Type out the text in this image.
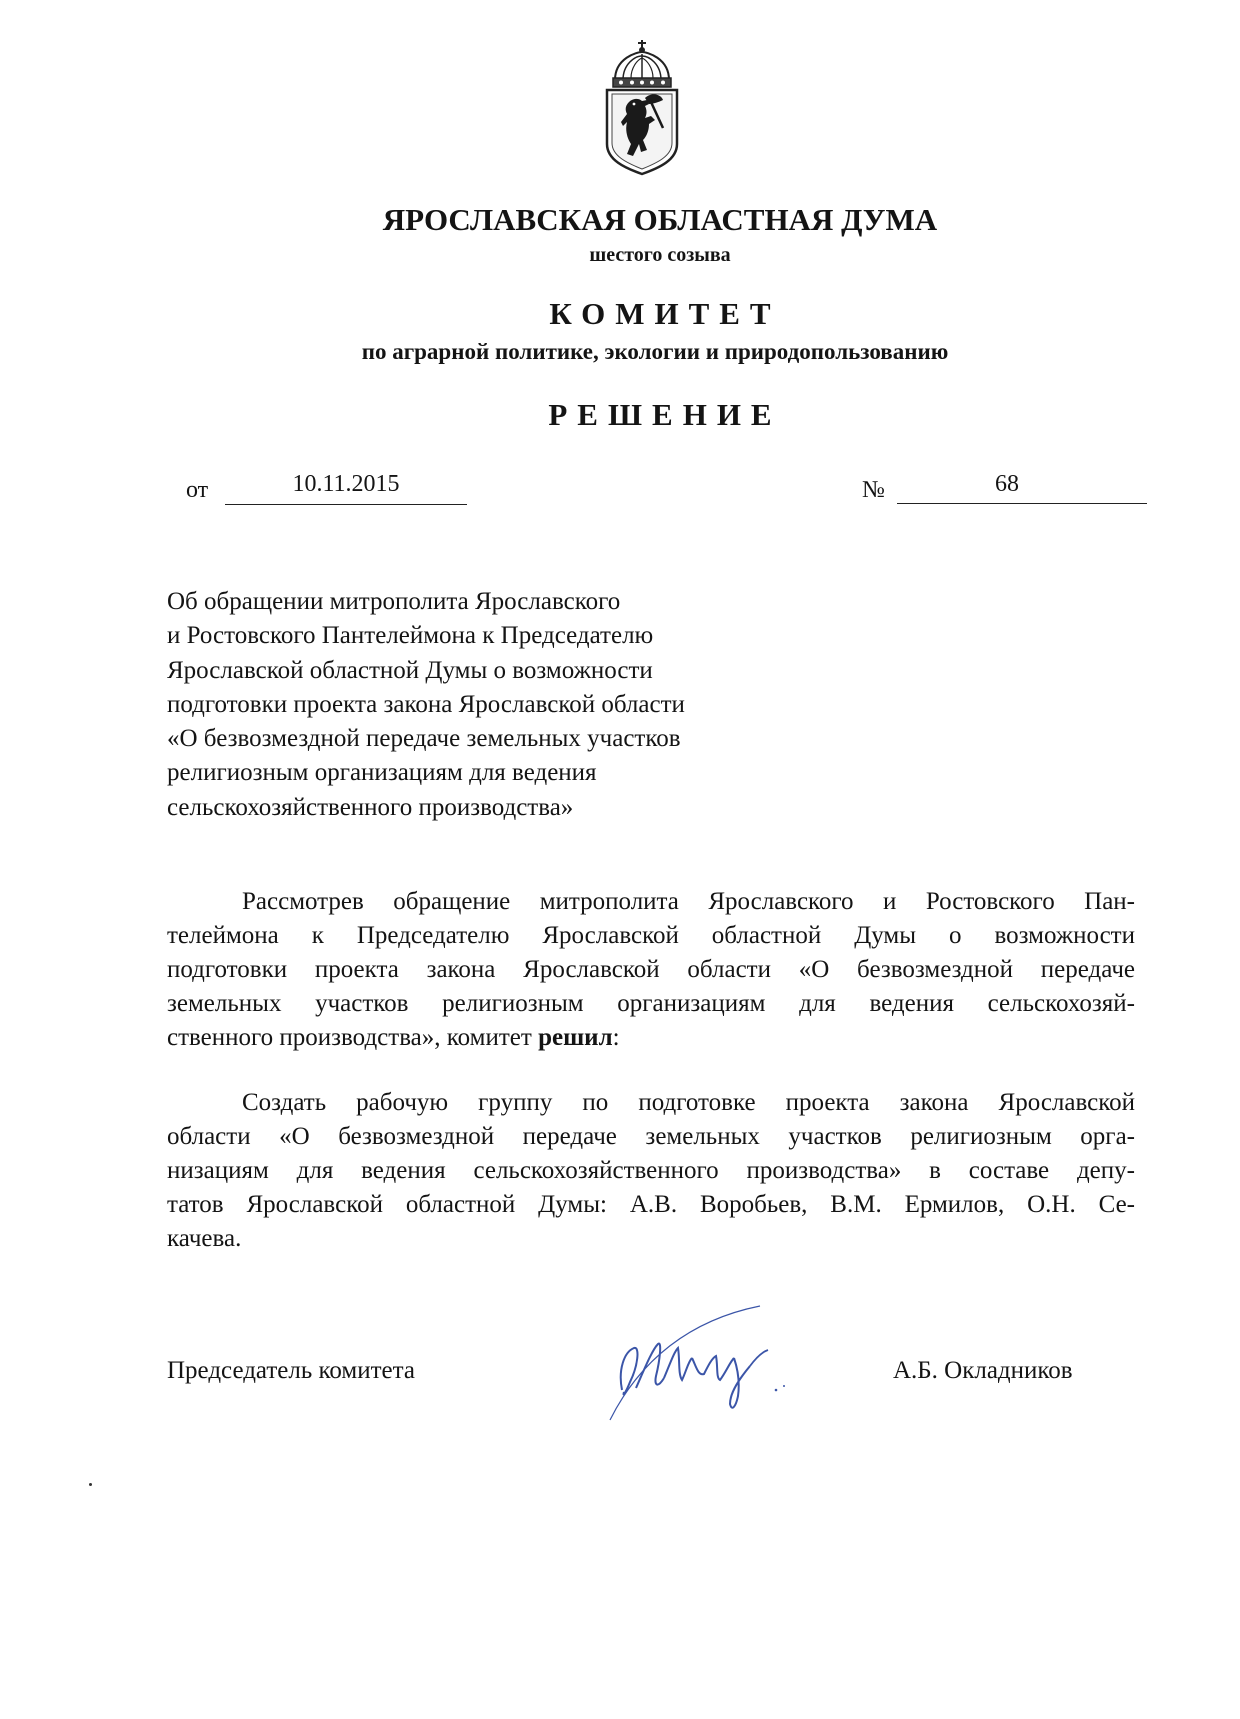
ЯРОСЛАВСКАЯ ОБЛАСТНАЯ ДУМА
шестого созыва
КОМИТЕТ
по аграрной политике, экологии и природопользованию
РЕШЕНИЕ
от	10.11.2015	№	68
Об обращении митрополита Ярославского
и Ростовского Пантелеймона к Председателю
Ярославской областной Думы о возможности
подготовки проекта закона Ярославской области
«О безвозмездной передаче земельных участков
религиозным организациям для ведения
сельскохозяйственного производства»
Рассмотрев обращение митрополита Ярославского и Ростовского Пан-
телеймона к Председателю Ярославской областной Думы о возможности
подготовки проекта закона Ярославской области «О безвозмездной передаче
земельных участков религиозным организациям для ведения сельскохозяй-
ственного производства», комитет решил:
Создать рабочую группу по подготовке проекта закона Ярославской
области «О безвозмездной передаче земельных участков религиозным орга-
низациям для ведения сельскохозяйственного производства» в составе депу-
татов Ярославской областной Думы: А.В. Воробьев, В.М. Ермилов, О.Н. Се-
качева.
Председатель комитета	А.Б. Окладников
